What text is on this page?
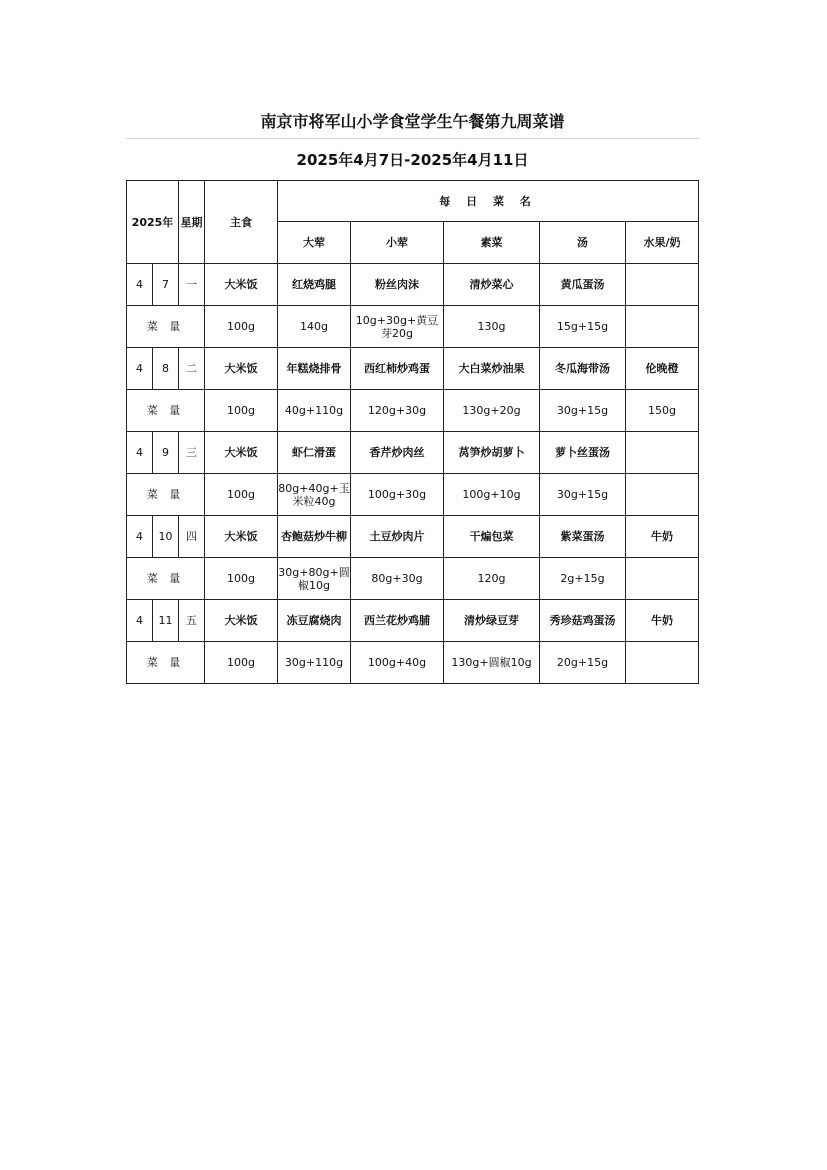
南京市将军山小学食堂学生午餐第九周菜谱
2025年4月7日-2025年4月11日
2025年		星期	主食	每 日 菜 名				
				大荤	小荤	素菜	汤	水果/奶
4	7	一	大米饭	红烧鸡腿	粉丝肉沫	清炒菜心	黄瓜蛋汤	
菜 量			100g	140g	10g+30g+黄豆芽20g	130g	15g+15g	
4	8	二	大米饭	年糕烧排骨	西红柿炒鸡蛋	大白菜炒油果	冬瓜海带汤	伦晚橙
菜 量			100g	40g+110g	120g+30g	130g+20g	30g+15g	150g
4	9	三	大米饭	虾仁滑蛋	香芹炒肉丝	莴笋炒胡萝卜	萝卜丝蛋汤	
菜 量			100g	80g+40g+玉米粒40g	100g+30g	100g+10g	30g+15g	
4	10	四	大米饭	杏鲍菇炒牛柳	土豆炒肉片	干煸包菜	紫菜蛋汤	牛奶
菜 量			100g	30g+80g+圆椒10g	80g+30g	120g	2g+15g	
4	11	五	大米饭	冻豆腐烧肉	西兰花炒鸡脯	清炒绿豆芽	秀珍菇鸡蛋汤	牛奶
菜 量			100g	30g+110g	100g+40g	130g+圆椒10g	20g+15g	
